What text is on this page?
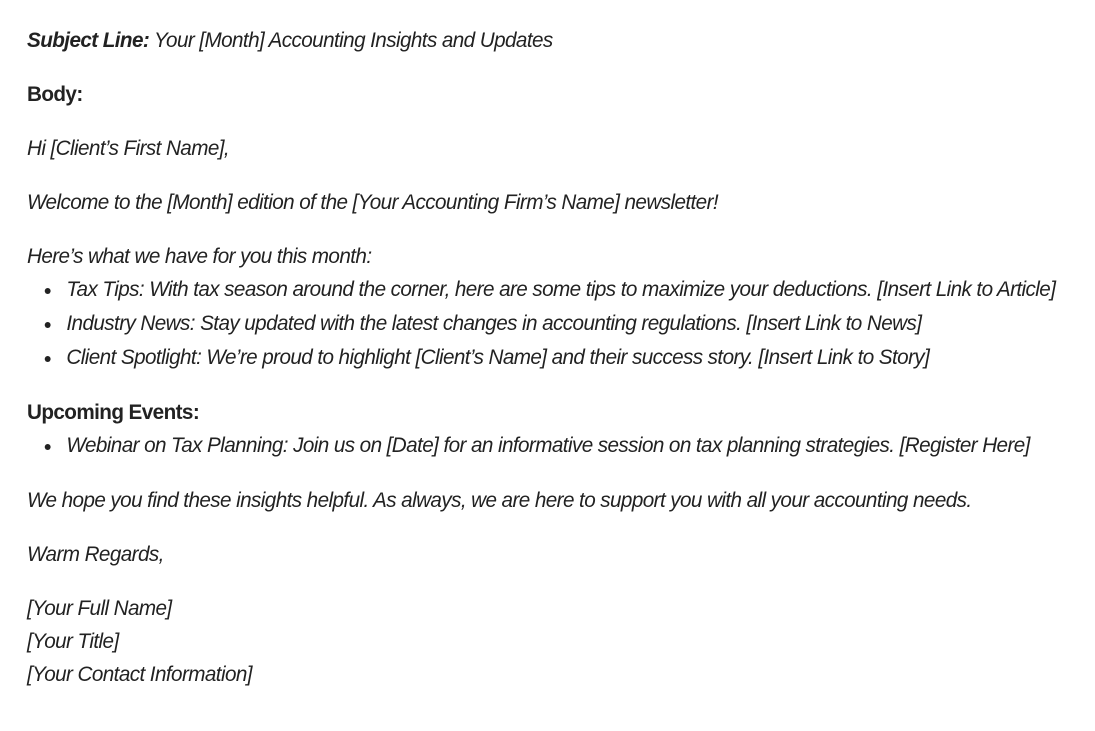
Subject Line: Your [Month] Accounting Insights and Updates
Body:
Hi [Client’s First Name],
Welcome to the [Month] edition of the [Your Accounting Firm’s Name] newsletter!
Here’s what we have for you this month:
Tax Tips: With tax season around the corner, here are some tips to maximize your deductions. [Insert Link to Article]
Industry News: Stay updated with the latest changes in accounting regulations. [Insert Link to News]
Client Spotlight: We’re proud to highlight [Client’s Name] and their success story. [Insert Link to Story]
Upcoming Events:
Webinar on Tax Planning: Join us on [Date] for an informative session on tax planning strategies. [Register Here]
We hope you find these insights helpful. As always, we are here to support you with all your accounting needs.
Warm Regards,
[Your Full Name]
[Your Title]
[Your Contact Information]
